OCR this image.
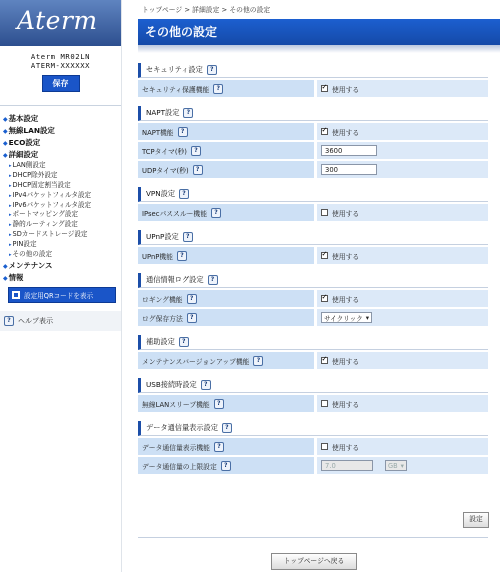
Aterm
Aterm MR02LN
ATERM-XXXXXX
保存
◆基本設定
◆無線LAN設定
◆ECO設定
◆詳細設定
▸LAN側設定
▸DHCP除外設定
▸DHCP固定割当設定
▸IPv4パケットフィルタ設定
▸IPv6パケットフィルタ設定
▸ポートマッピング設定
▸静的ルーティング設定
▸SDカードストレージ設定
▸PIN設定
▸その他の設定
◆メンテナンス
◆情報
設定用QRコードを表示
?	ヘルプ表示
トップページ > 詳細設定 > その他の設定
その他の設定
セキュリティ設定	?
セキュリティ保護機能	? ✓	使用する
NAPT設定	?
NAPT機能	? ✓	使用する
TCPタイマ(秒)	?	3600
UDPタイマ(秒)	?	300
VPN設定	?
IPsecパススルー機能	?	使用する
UPnP設定	?
UPnP機能	? ✓	使用する
通信情報ログ設定	?
ロギング機能	? ✓	使用する
ログ保存方法	?	サイクリック ▾
補助設定	?
メンテナンスバージョンアップ機能	? ✓	使用する
USB接続時設定	?
無線LANスリープ機能	?	使用する
データ通信量表示設定	?
データ通信量表示機能	?	使用する
データ通信量の上限設定	?	7.0	GB ▾
設定
トップページへ戻る
